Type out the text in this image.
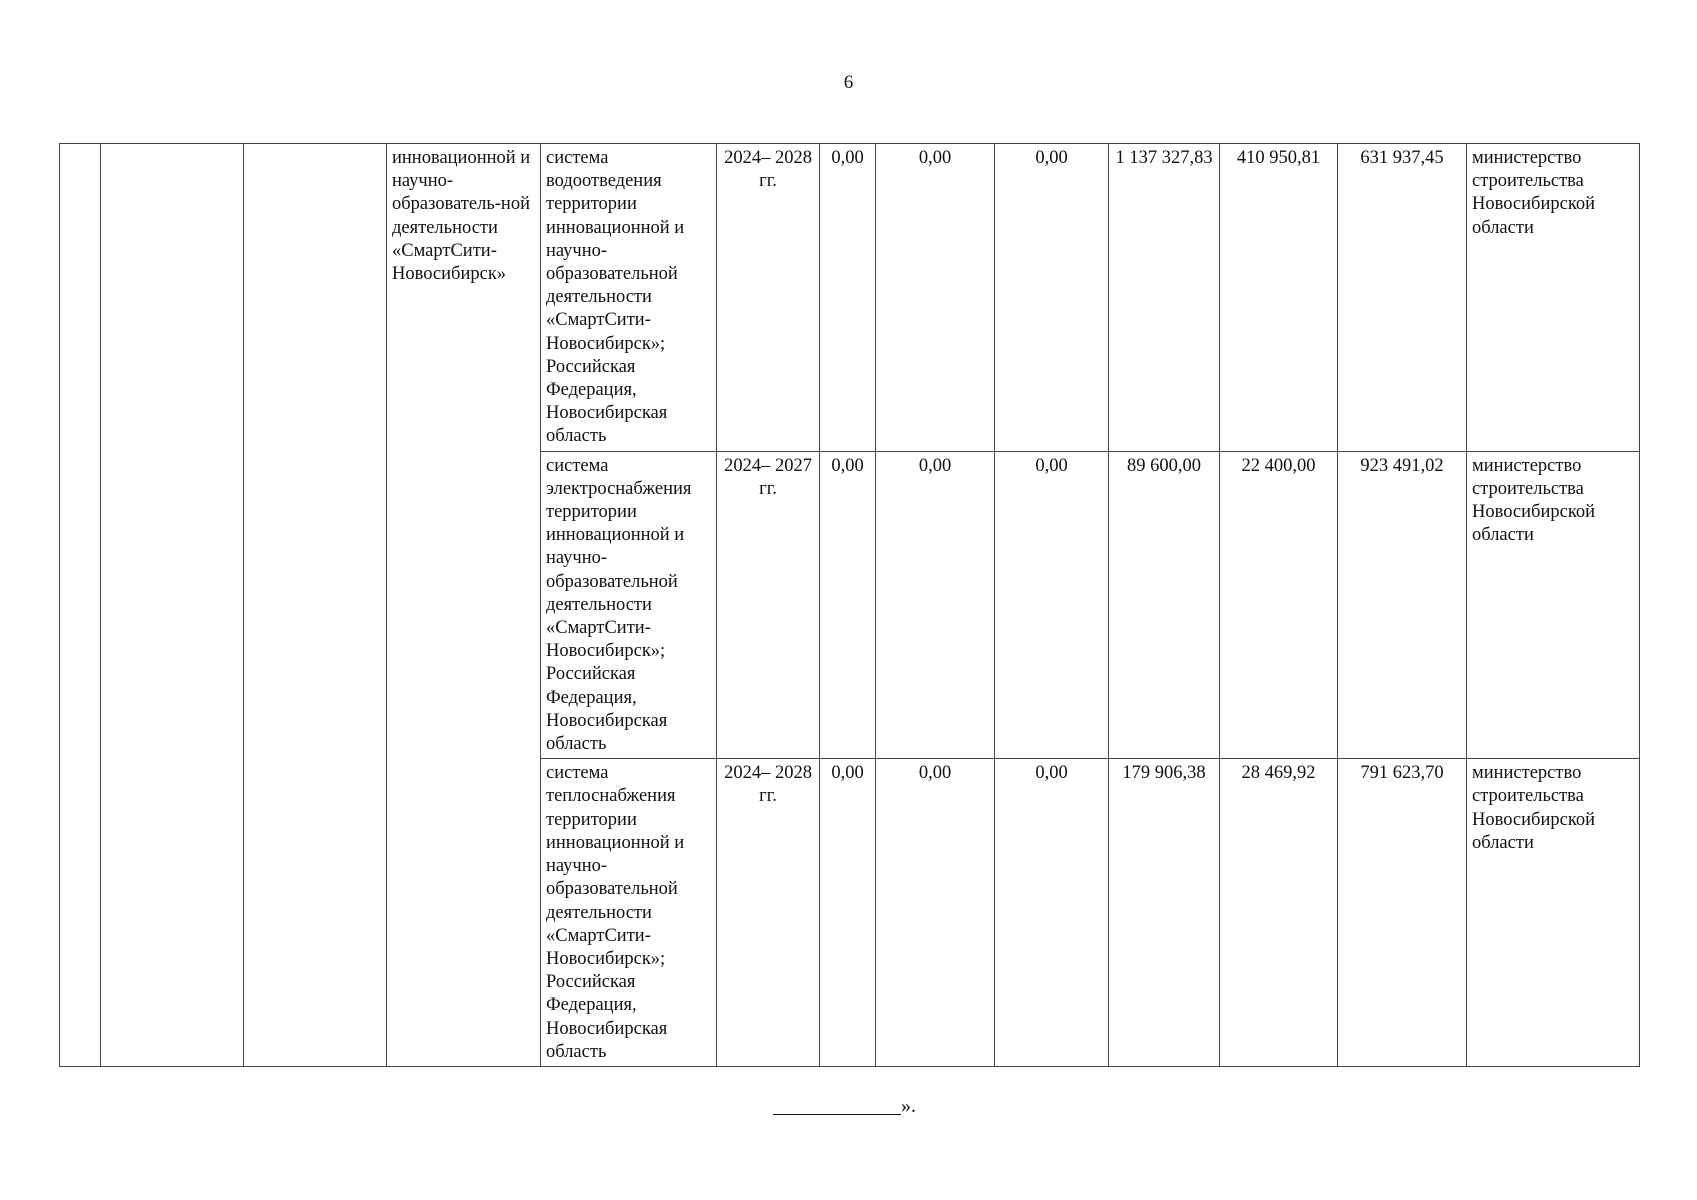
6
			инновационной и научно-образователь-ной деятельности «СмартСити-Новосибирск»	система водоотведения территории инновационной и научно-образовательной деятельности «СмартСити-Новосибирск»; Российская Федерация, Новосибирская область	2024– 2028 гг.	0,00	0,00	0,00	1 137 327,83	410 950,81	631 937,45	министерство строительства Новосибирской области
				система электроснабжения территории инновационной и научно-образовательной деятельности «СмартСити-Новосибирск»; Российская Федерация, Новосибирская область	2024– 2027 гг.	0,00	0,00	0,00	89 600,00	22 400,00	923 491,02	министерство строительства Новосибирской области
				система теплоснабжения территории инновационной и научно-образовательной деятельности «СмартСити-Новосибирск»; Российская Федерация, Новосибирская область	2024– 2028 гг.	0,00	0,00	0,00	179 906,38	28 469,92	791 623,70	министерство строительства Новосибирской области
».
